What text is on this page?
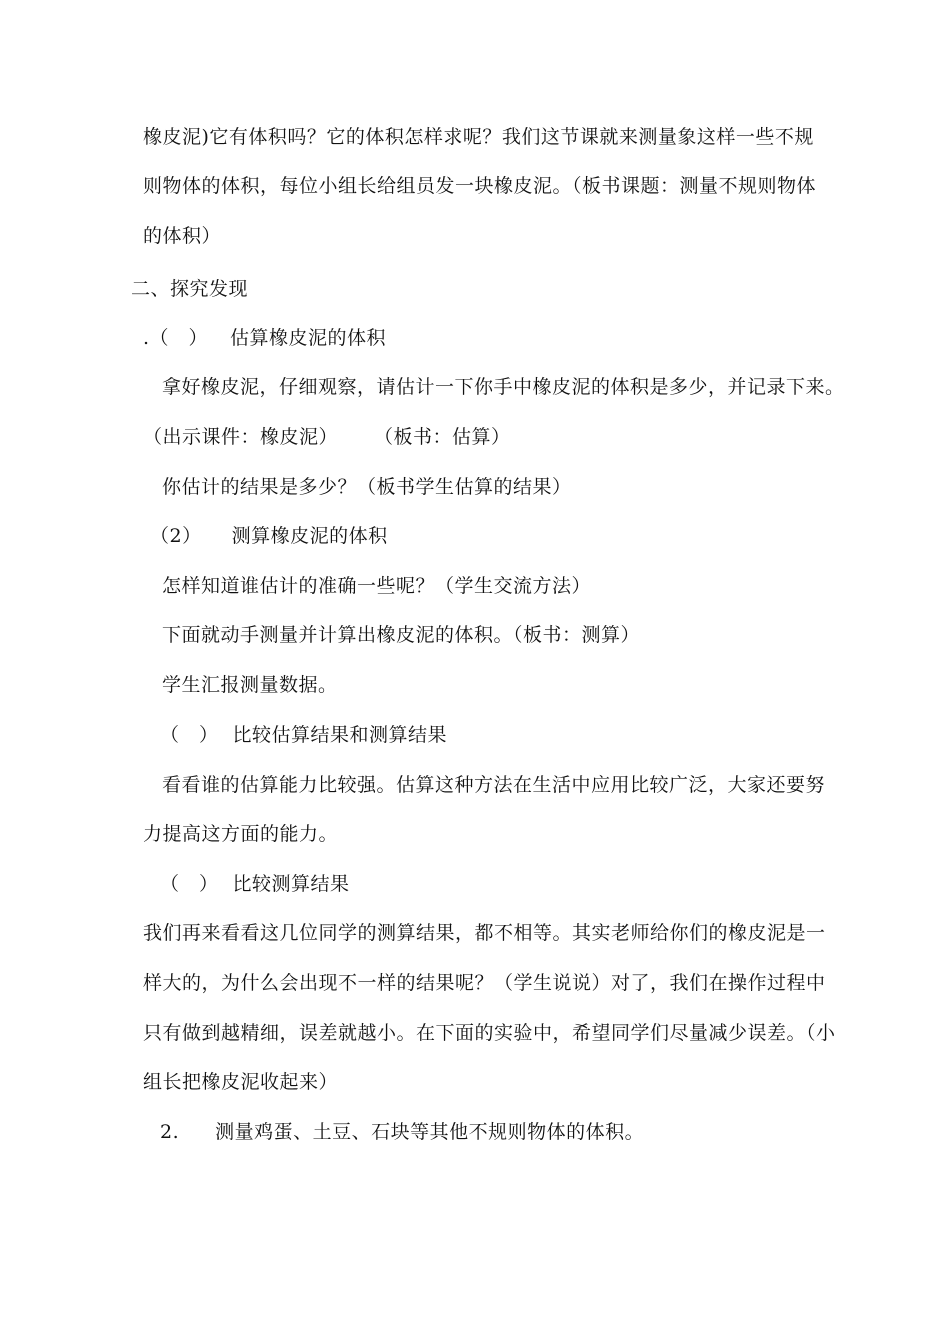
橡皮泥)它有体积吗？它的体积怎样求呢？我们这节课就来测量象这样一些不规
则物体的体积，每位小组长给组员发一块橡皮泥。（板书课题：测量不规则物体
的体积）
二、探究发现
.（　） 估算橡皮泥的体积
拿好橡皮泥，仔细观察，请估计一下你手中橡皮泥的体积是多少，并记录下来。
（出示课件：橡皮泥） （板书：估算）
你估计的结果是多少？（板书学生估算的结果）
（2） 测算橡皮泥的体积
怎样知道谁估计的准确一些呢？（学生交流方法）
下面就动手测量并计算出橡皮泥的体积。（板书：测算）
学生汇报测量数据。
（　） 比较估算结果和测算结果
看看谁的估算能力比较强。估算这种方法在生活中应用比较广泛，大家还要努
力提高这方面的能力。
（　） 比较测算结果
我们再来看看这几位同学的测算结果，都不相等。其实老师给你们的橡皮泥是一
样大的，为什么会出现不一样的结果呢？（学生说说）对了，我们在操作过程中
只有做到越精细，误差就越小。在下面的实验中，希望同学们尽量减少误差。（小
组长把橡皮泥收起来）
2. 测量鸡蛋、土豆、石块等其他不规则物体的体积。
